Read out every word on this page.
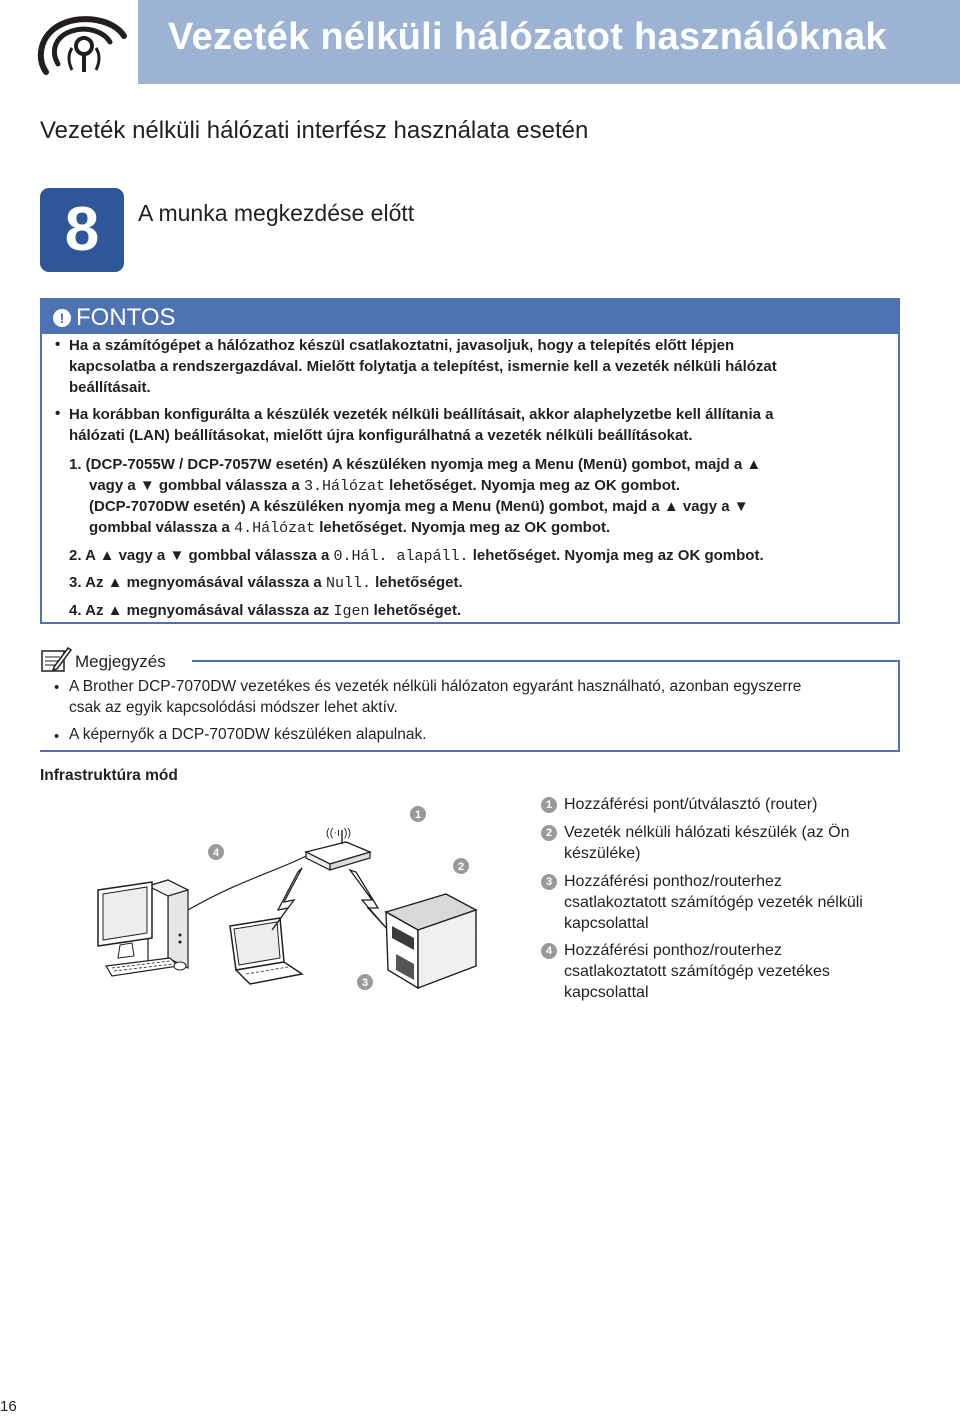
Vezeték nélküli hálózatot használóknak
Vezeték nélküli hálózati interfész használata esetén
8	A munka megkezdése előtt
! FONTOS
• Ha a számítógépet a hálózathoz készül csatlakoztatni, javasoljuk, hogy a telepítés előtt lépjen
kapcsolatba a rendszergazdával. Mielőtt folytatja a telepítést, ismernie kell a vezeték nélküli hálózat
beállításait.
• Ha korábban konfigurálta a készülék vezeték nélküli beállításait, akkor alaphelyzetbe kell állítania a
hálózati (LAN) beállításokat, mielőtt újra konfigurálhatná a vezeték nélküli beállításokat.
1. (DCP-7055W / DCP-7057W esetén) A készüléken nyomja meg a Menu (Menü) gombot, majd a ▲
vagy a ▼ gombbal válassza a 3.Hálózat lehetőséget. Nyomja meg az OK gombot.
(DCP-7070DW esetén) A készüléken nyomja meg a Menu (Menü) gombot, majd a ▲ vagy a ▼
gombbal válassza a 4.Hálózat lehetőséget. Nyomja meg az OK gombot.
2. A ▲ vagy a ▼ gombbal válassza a 0.Hál. alapáll. lehetőséget. Nyomja meg az OK gombot.
3. Az ▲ megnyomásával válassza a Null. lehetőséget.
4. Az ▲ megnyomásával válassza az Igen lehetőséget.
Megjegyzés
• A Brother DCP-7070DW vezetékes és vezeték nélküli hálózaton egyaránt használható, azonban egyszerre
csak az egyik kapcsolódási módszer lehet aktív.
• A képernyők a DCP-7070DW készüléken alapulnak.
Infrastruktúra mód
((·ı·))
1
2
3
4
1 Hozzáférési pont/útválasztó (router)
2 Vezeték nélküli hálózati készülék (az Ön
készüléke)
3 Hozzáférési ponthoz/routerhez
csatlakoztatott számítógép vezeték nélküli
kapcsolattal
4 Hozzáférési ponthoz/routerhez
csatlakoztatott számítógép vezetékes
kapcsolattal
16
